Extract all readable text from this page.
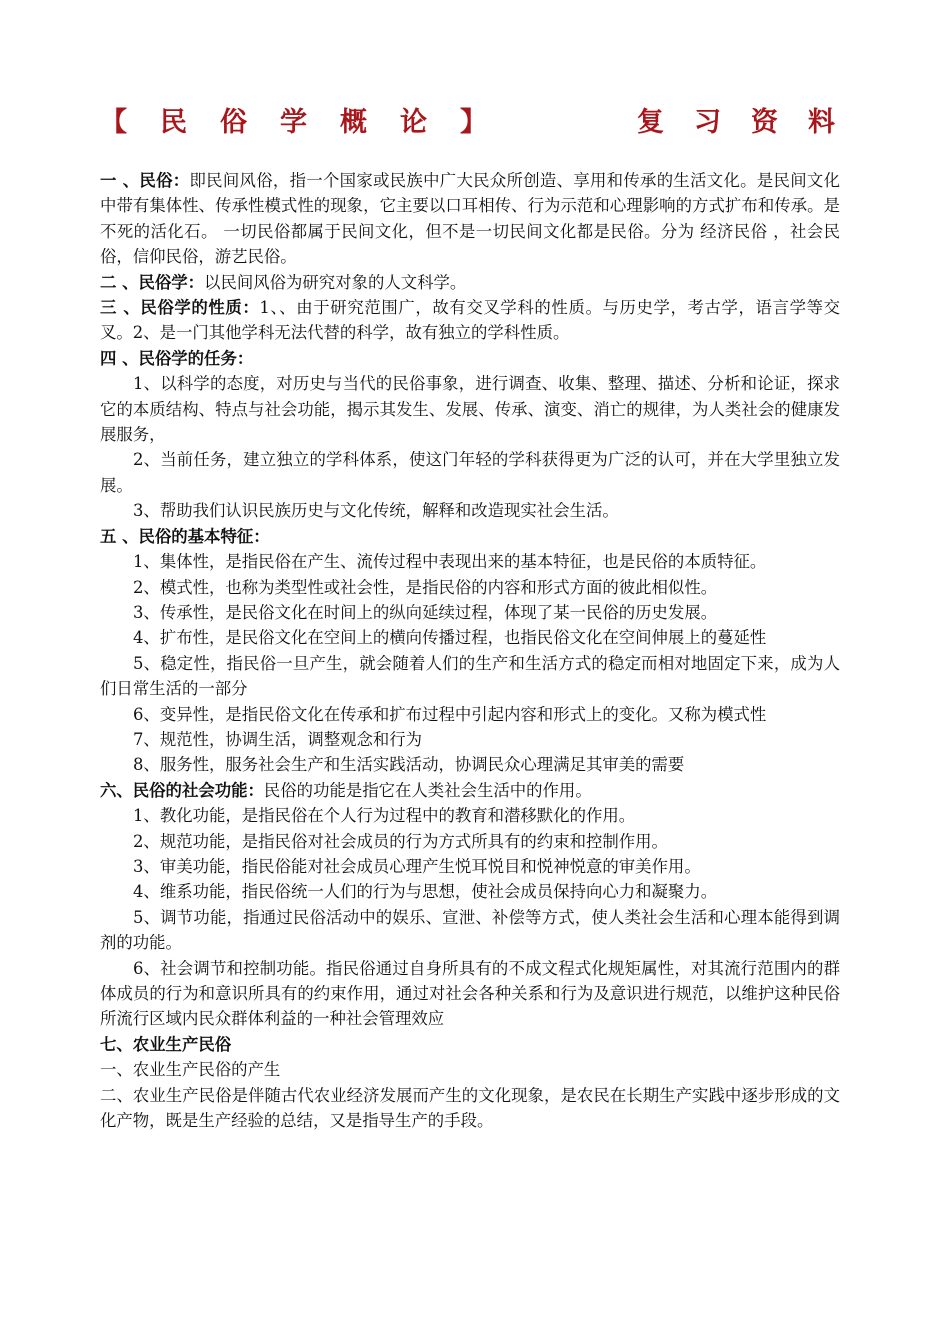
【民俗学概论】	复习资料

一 、民俗：即民间风俗，指一个国家或民族中广大民众所创造、享用和传承的生活文化。是民间文化中带有集体性、传承性模式性的现象，它主要以口耳相传、行为示范和心理影响的方式扩布和传承。是不死的活化石。 一切民俗都属于民间文化，但不是一切民间文化都是民俗。分为 经济民俗 ，社会民俗，信仰民俗，游艺民俗。

二 、民俗学：以民间风俗为研究对象的人文科学。

三 、民俗学的性质：1、、由于研究范围广，故有交叉学科的性质。与历史学，考古学，语言学等交叉。2、是一门其他学科无法代替的科学，故有独立的学科性质。

四 、民俗学的任务：

1、以科学的态度，对历史与当代的民俗事象，进行调查、收集、整理、描述、分析和论证，探求它的本质结构、特点与社会功能，揭示其发生、发展、传承、演变、消亡的规律，为人类社会的健康发展服务，

2、当前任务，建立独立的学科体系，使这门年轻的学科获得更为广泛的认可，并在大学里独立发展。

3、帮助我们认识民族历史与文化传统，解释和改造现实社会生活。

五 、民俗的基本特征：

1、集体性，是指民俗在产生、流传过程中表现出来的基本特征，也是民俗的本质特征。

2、模式性，也称为类型性或社会性，是指民俗的内容和形式方面的彼此相似性。

3、传承性，是民俗文化在时间上的纵向延续过程，体现了某一民俗的历史发展。

4、扩布性，是民俗文化在空间上的横向传播过程，也指民俗文化在空间伸展上的蔓延性

5、稳定性，指民俗一旦产生，就会随着人们的生产和生活方式的稳定而相对地固定下来，成为人们日常生活的一部分

6、变异性，是指民俗文化在传承和扩布过程中引起内容和形式上的变化。又称为模式性

7、规范性，协调生活，调整观念和行为

8、服务性，服务社会生产和生活实践活动，协调民众心理满足其审美的需要

六、民俗的社会功能：民俗的功能是指它在人类社会生活中的作用。

1、教化功能，是指民俗在个人行为过程中的教育和潜移默化的作用。

2、规范功能，是指民俗对社会成员的行为方式所具有的约束和控制作用。

3、审美功能，指民俗能对社会成员心理产生悦耳悦目和悦神悦意的审美作用。

4、维系功能，指民俗统一人们的行为与思想，使社会成员保持向心力和凝聚力。

5、调节功能，指通过民俗活动中的娱乐、宣泄、补偿等方式，使人类社会生活和心理本能得到调剂的功能。

6、社会调节和控制功能。指民俗通过自身所具有的不成文程式化规矩属性，对其流行范围内的群体成员的行为和意识所具有的约束作用，通过对社会各种关系和行为及意识进行规范，以维护这种民俗所流行区域内民众群体利益的一种社会管理效应

七、农业生产民俗

一、农业生产民俗的产生

二、农业生产民俗是伴随古代农业经济发展而产生的文化现象，是农民在长期生产实践中逐步形成的文化产物，既是生产经验的总结，又是指导生产的手段。
